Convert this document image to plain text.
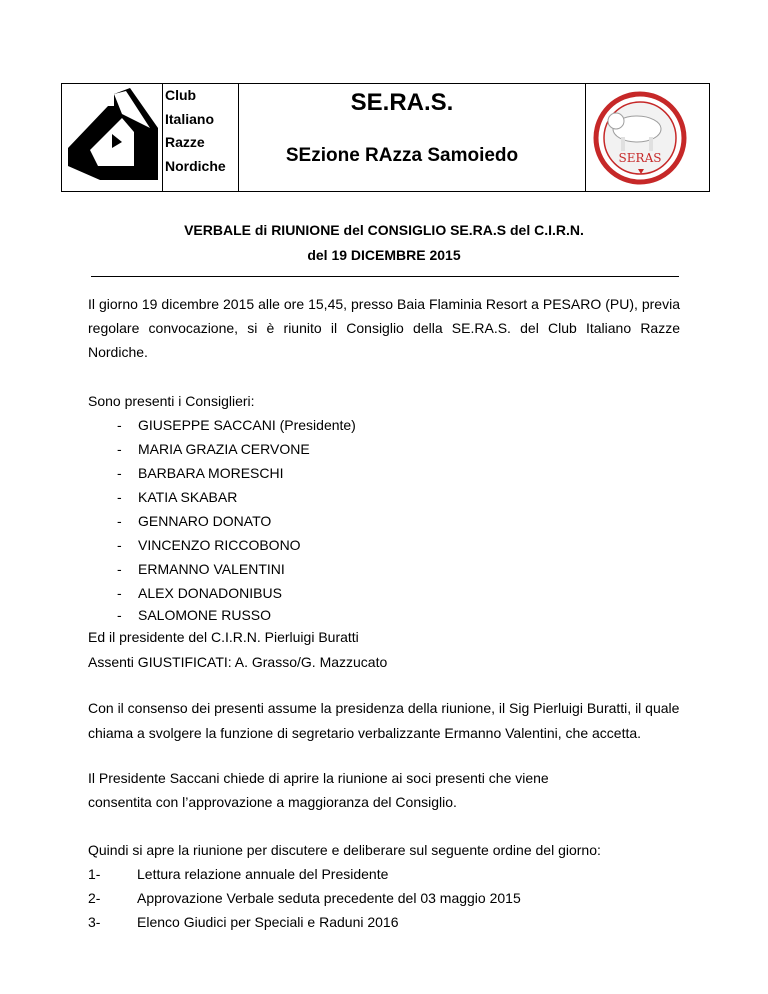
Club
Italiano
Razze
Nordiche
SE.RA.S.
SEzione RAzza Samoiedo	SERAS
VERBALE di RIUNIONE del CONSIGLIO SE.RA.S del C.I.R.N.
del 19 DICEMBRE 2015
Il giorno 19 dicembre 2015 alle ore 15,45, presso Baia Flaminia Resort a PESARO (PU), previa regolare convocazione, si è riunito il Consiglio della SE.RA.S. del Club Italiano Razze Nordiche.
Sono presenti i Consiglieri:
- GIUSEPPE SACCANI (Presidente)
- MARIA GRAZIA CERVONE
- BARBARA MORESCHI
- KATIA SKABAR
- GENNARO DONATO
- VINCENZO RICCOBONO
- ERMANNO VALENTINI
- ALEX DONADONIBUS
- SALOMONE RUSSO
Ed il presidente del C.I.R.N. Pierluigi Buratti
Assenti GIUSTIFICATI: A. Grasso/G. Mazzucato
Con il consenso dei presenti assume la presidenza della riunione, il Sig Pierluigi Buratti, il quale
chiama a svolgere la funzione di segretario verbalizzante Ermanno Valentini, che accetta.
Il Presidente Saccani chiede di aprire la riunione ai soci presenti che viene
consentita con l’approvazione a maggioranza del Consiglio.
Quindi si apre la riunione per discutere e deliberare sul seguente ordine del giorno:
1-	Lettura relazione annuale del Presidente
2-	Approvazione Verbale seduta precedente del 03 maggio 2015
3-	Elenco Giudici per Speciali e Raduni 2016
